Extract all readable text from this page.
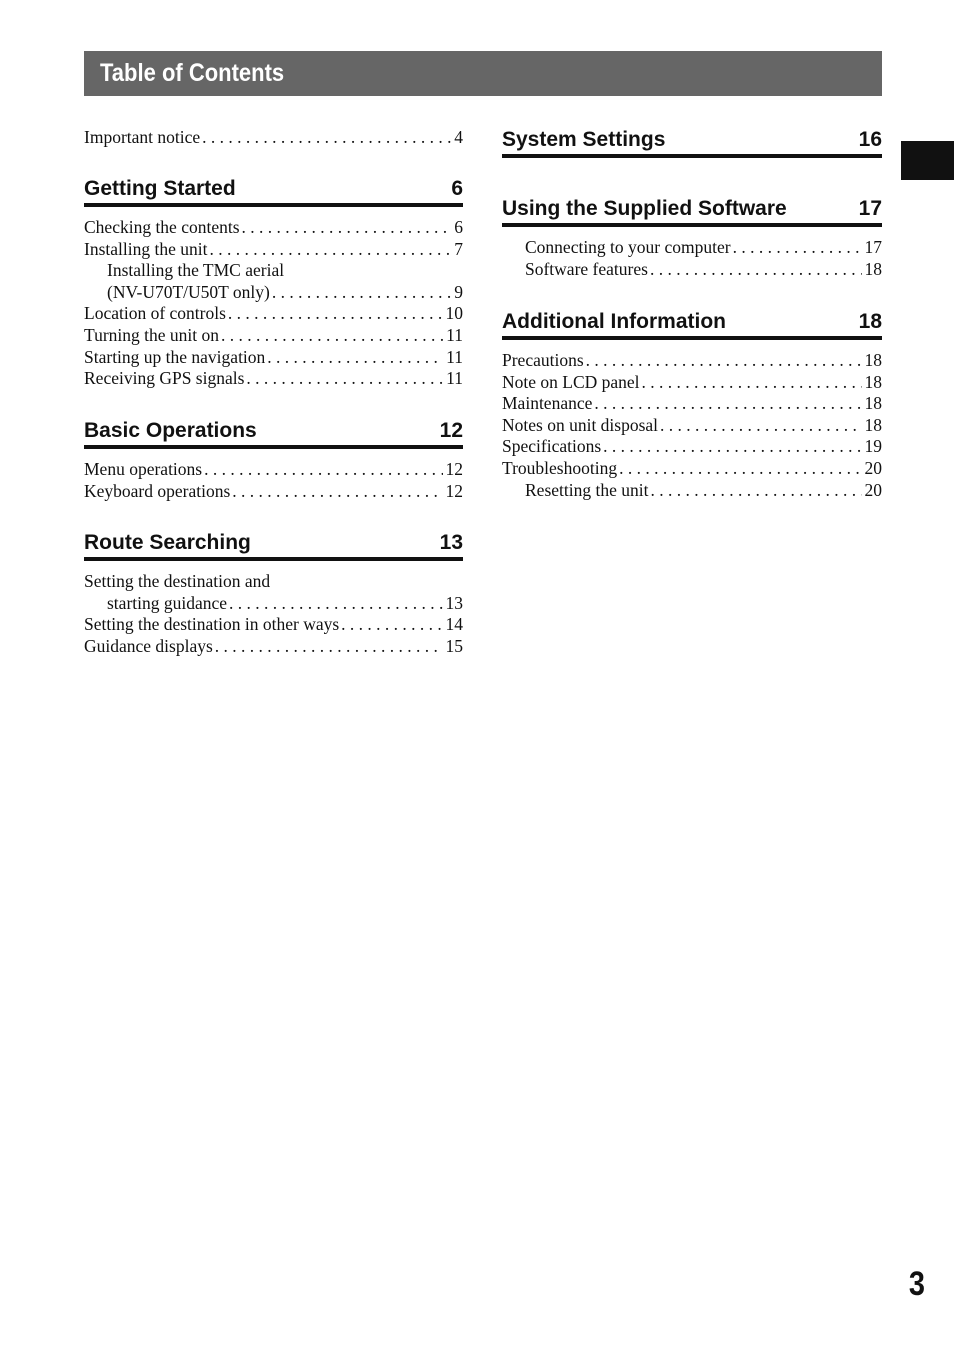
Table of Contents
Important notice . . .	4
Getting Started	6
Checking the contents . . .	6
Installing the unit . . .	7
Installing the TMC aerial
(NV-U70T/U50T only) . . .	9
Location of controls . . .	10
Turning the unit on . . .	11
Starting up the navigation . . .	11
Receiving GPS signals . . .	11
Basic Operations	12
Menu operations . . .	12
Keyboard operations . . .	12
Route Searching	13
Setting the destination and
starting guidance . . .	13
Setting the destination in other ways . . .	14
Guidance displays . . .	15
System Settings	16
Using the Supplied Software	17
Connecting to your computer . . .	17
Software features . . .	18
Additional Information	18
Precautions . . .	18
Note on LCD panel . . .	18
Maintenance . . .	18
Notes on unit disposal . . .	18
Specifications . . .	19
Troubleshooting . . .	20
Resetting the unit . . .	20
3
